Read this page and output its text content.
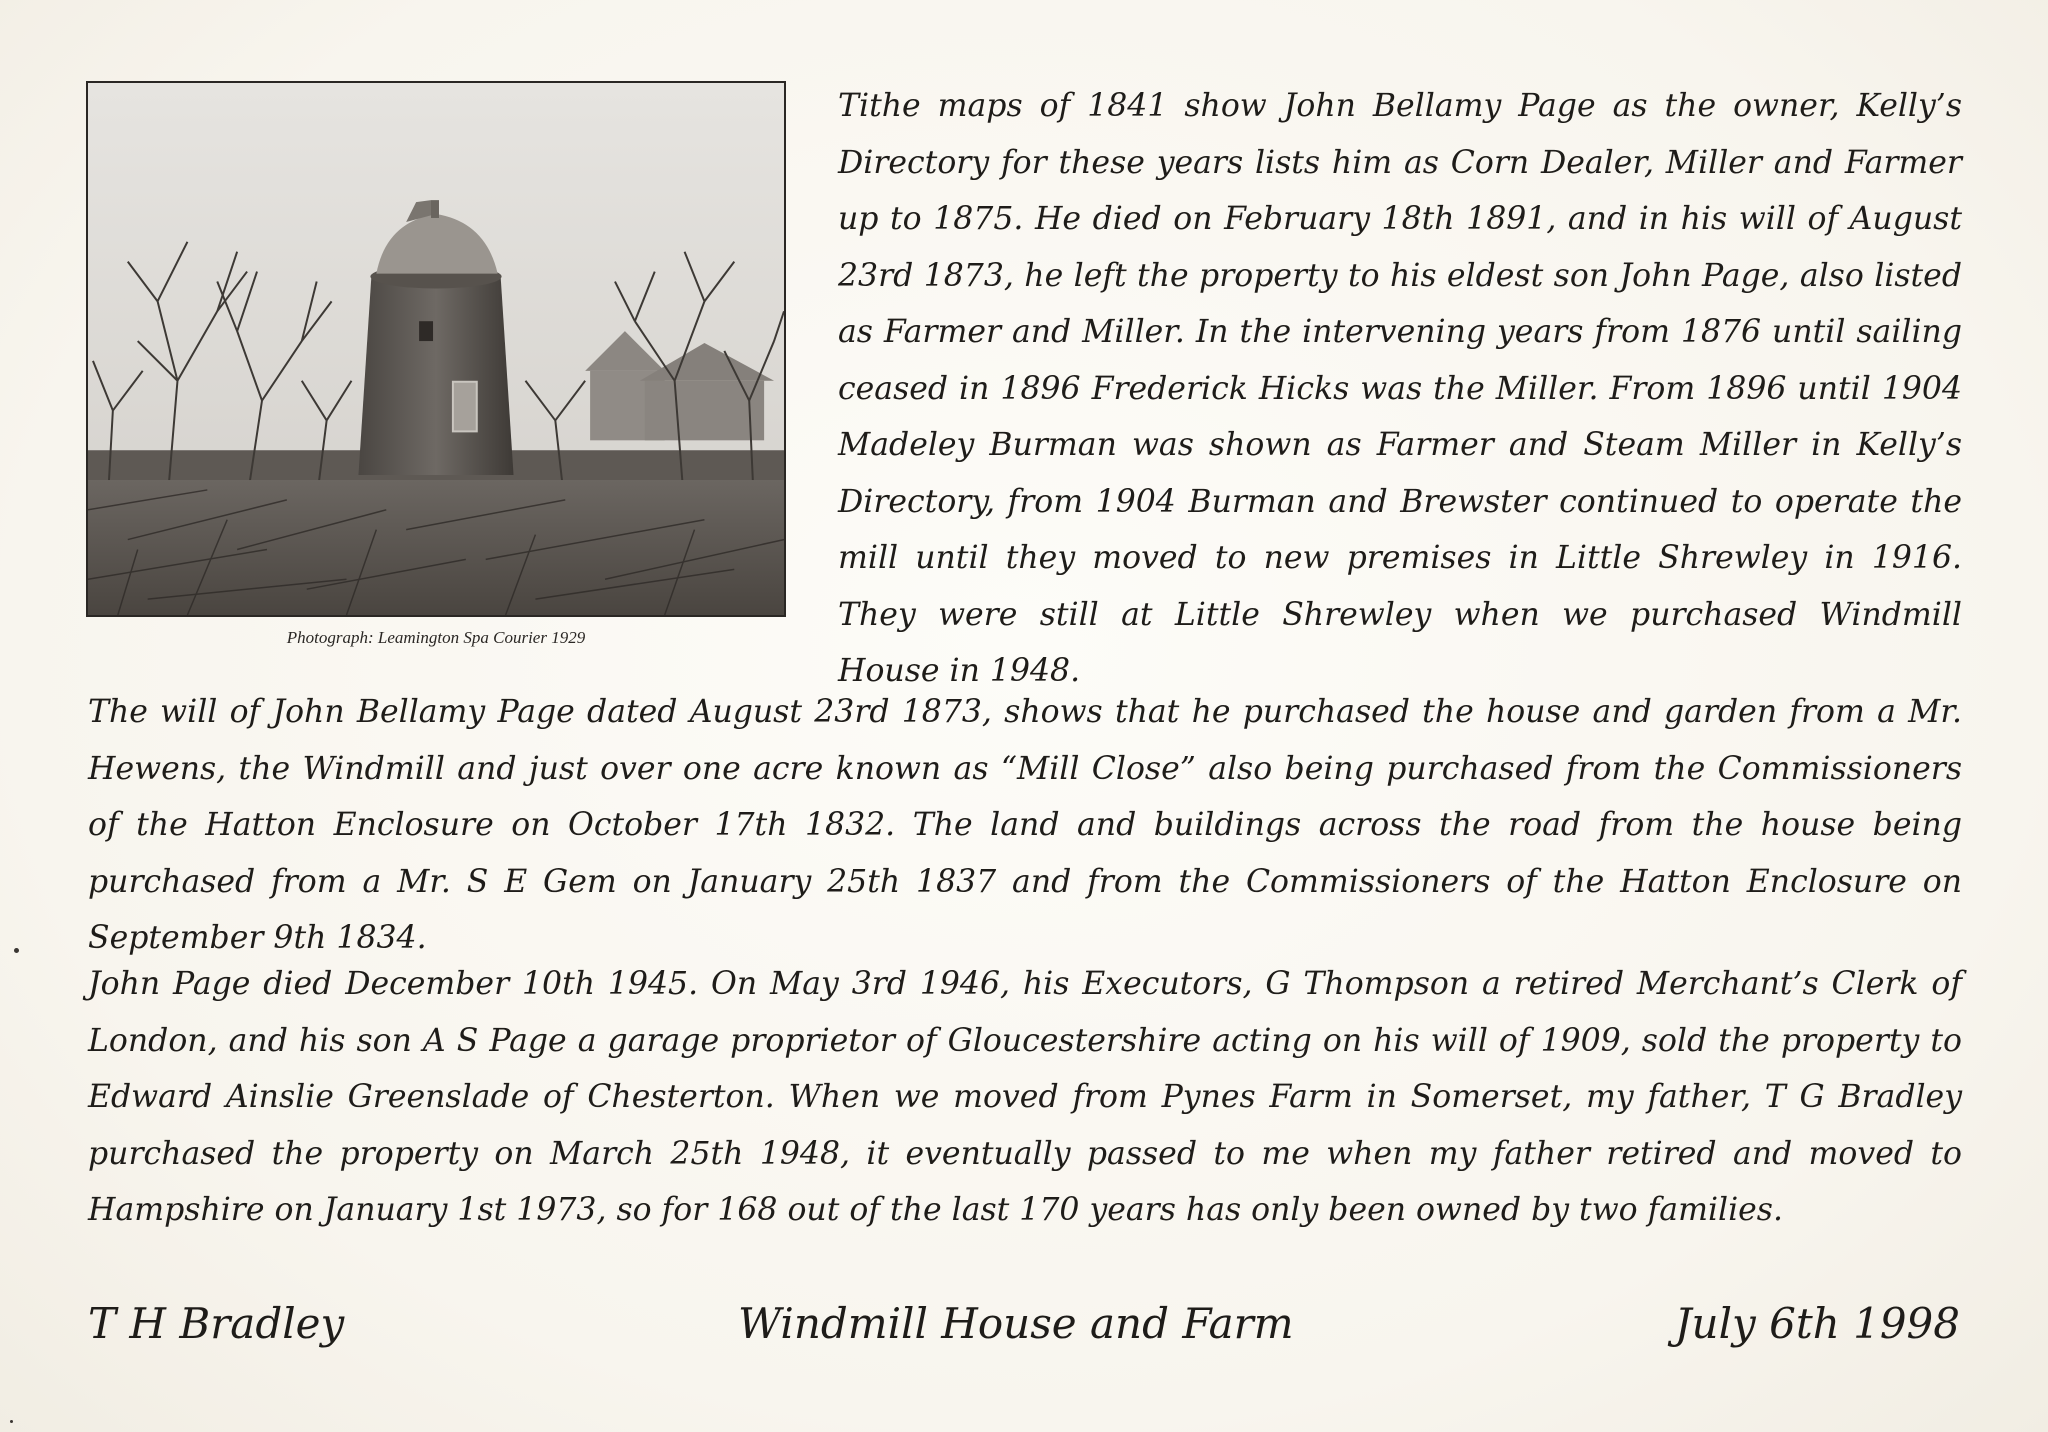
Photograph: Leamington Spa Courier 1929
Tithe maps of 1841 show John Bellamy Page as the owner, Kelly’s Directory for these years lists him as Corn Dealer, Miller and Farmer up to 1875. He died on February 18th 1891, and in his will of August 23rd 1873, he left the property to his eldest son John Page, also listed as Farmer and Miller. In the intervening years from 1876 until sailing ceased in 1896 Frederick Hicks was the Miller. From 1896 until 1904 Madeley Burman was shown as Farmer and Steam Miller in Kelly’s Directory, from 1904 Burman and Brewster continued to operate the mill until they moved to new premises in Little Shrewley in 1916. They were still at Little Shrewley when we purchased Windmill House in 1948.
The will of John Bellamy Page dated August 23rd 1873, shows that he purchased the house and garden from a Mr. Hewens, the Windmill and just over one acre known as “Mill Close” also being purchased from the Commissioners of the Hatton Enclosure on October 17th 1832. The land and buildings across the road from the house being purchased from a Mr. S E Gem on January 25th 1837 and from the Commissioners of the Hatton Enclosure on September 9th 1834.
John Page died December 10th 1945. On May 3rd 1946, his Executors, G Thompson a retired Merchant’s Clerk of London, and his son A S Page a garage proprietor of Gloucestershire acting on his will of 1909, sold the property to Edward Ainslie Greenslade of Chesterton. When we moved from Pynes Farm in Somerset, my father, T G Bradley purchased the property on March 25th 1948, it eventually passed to me when my father retired and moved to Hampshire on January 1st 1973, so for 168 out of the last 170 years has only been owned by two families.
T H Bradley	Windmill House and Farm	July 6th 1998
